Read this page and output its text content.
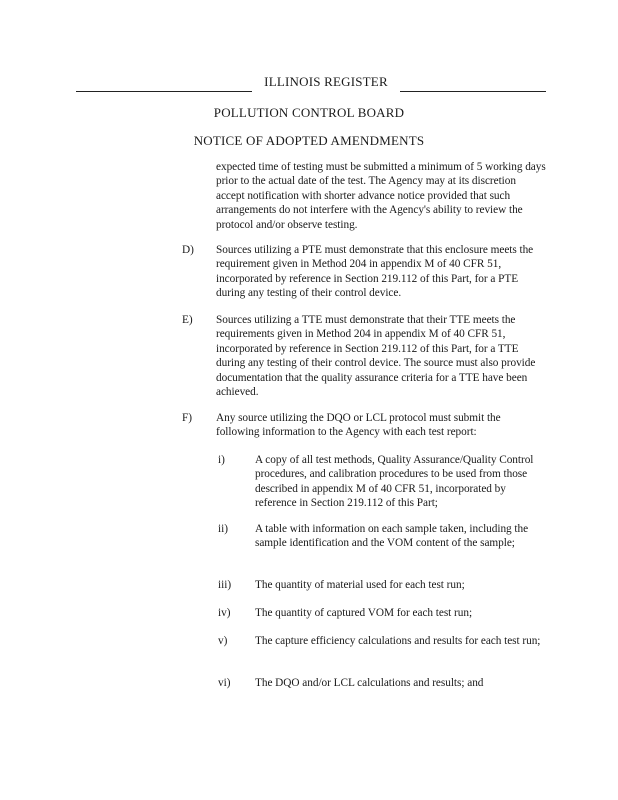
ILLINOIS REGISTER
POLLUTION CONTROL BOARD
NOTICE OF ADOPTED AMENDMENTS
expected time of testing must be submitted a minimum of 5 working days prior to the actual date of the test. The Agency may at its discretion accept notification with shorter advance notice provided that such arrangements do not interfere with the Agency's ability to review the protocol and/or observe testing.
D) Sources utilizing a PTE must demonstrate that this enclosure meets the requirement given in Method 204 in appendix M of 40 CFR 51, incorporated by reference in Section 219.112 of this Part, for a PTE during any testing of their control device.
E) Sources utilizing a TTE must demonstrate that their TTE meets the requirements given in Method 204 in appendix M of 40 CFR 51, incorporated by reference in Section 219.112 of this Part, for a TTE during any testing of their control device. The source must also provide documentation that the quality assurance criteria for a TTE have been achieved.
F) Any source utilizing the DQO or LCL protocol must submit the following information to the Agency with each test report:
i)	A copy of all test methods, Quality Assurance/Quality Control procedures, and calibration procedures to be used from those described in appendix M of 40 CFR 51, incorporated by reference in Section 219.112 of this Part;
ii) A table with information on each sample taken, including the sample identification and the VOM content of the sample;
iii) The quantity of material used for each test run;
iv) The quantity of captured VOM for each test run;
v) The capture efficiency calculations and results for each test run;
vi) The DQO and/or LCL calculations and results; and
